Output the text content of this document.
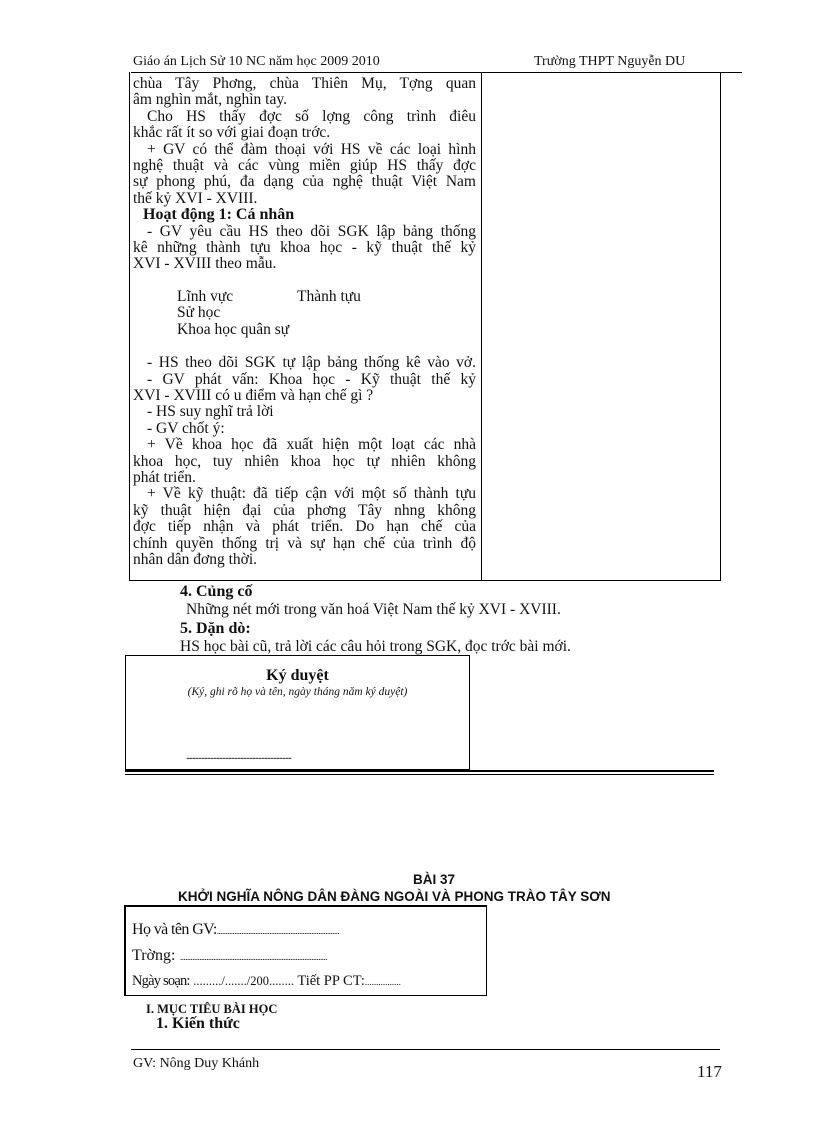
Giáo án Lịch Sử 10 NC năm học 2009 2010	Trường THPT Nguyễn DU

chùa Tây Phơng, chùa Thiên Mụ, Tợng quan

âm nghìn mắt, nghìn tay.

Cho HS thấy đợc số lợng công trình điêu

khắc rất ít so với giai đoạn trớc.

+ GV có thể đàm thoại với HS về các loại hình

nghệ thuật và các vùng miền giúp HS thấy đợc

sự phong phú, đa dạng của nghệ thuật Việt Nam

thế kỷ XVI - XVIII.

Hoạt động 1: Cá nhân

- GV yêu cầu HS theo dõi SGK lập bảng thống

kê những thành tựu khoa học - kỹ thuật thế kỷ

XVI - XVIII theo mẫu.

Lĩnh vực	Thành tựu

Sử học

Khoa học quân sự

- HS theo dõi SGK tự lập bảng thống kê vào vở.

- GV phát vấn: Khoa học - Kỹ thuật thế kỷ

XVI - XVIII có u điểm và hạn chế gì ?

- HS suy nghĩ trả lời

- GV chốt ý:

+ Về khoa học đã xuất hiện một loạt các nhà

khoa học, tuy nhiên khoa học tự nhiên không

phát triển.

+ Về kỹ thuật: đã tiếp cận với một số thành tựu

kỹ thuật hiện đại của phơng Tây nhng không

đợc tiếp nhận và phát triển. Do hạn chế của

chính quyền thống trị và sự hạn chế của trình độ

nhân dân đơng thời.

4. Củng cố
Những nét mới trong văn hoá Việt Nam thế kỷ XVI - XVIII.
5. Dặn dò:
HS học bài cũ, trả lời các câu hỏi trong SGK, đọc trớc bài mới.
Ký duyệt
(Ký, ghi rõ họ và tên, ngày tháng năm ký duyệt)
......................................................................
BÀI 37
KHỞI NGHĨA NÔNG DÂN ĐÀNG NGOÀI VÀ PHONG TRÀO TÂY SƠN
Họ và tên GV:......................................................................
Trờng: ....................................................................................
Ngày soạn: ........./......./200........ Tiết PP CT:................
I. MỤC TIÊU BÀI HỌC
1. Kiến thức
GV: Nông Duy Khánh	117
